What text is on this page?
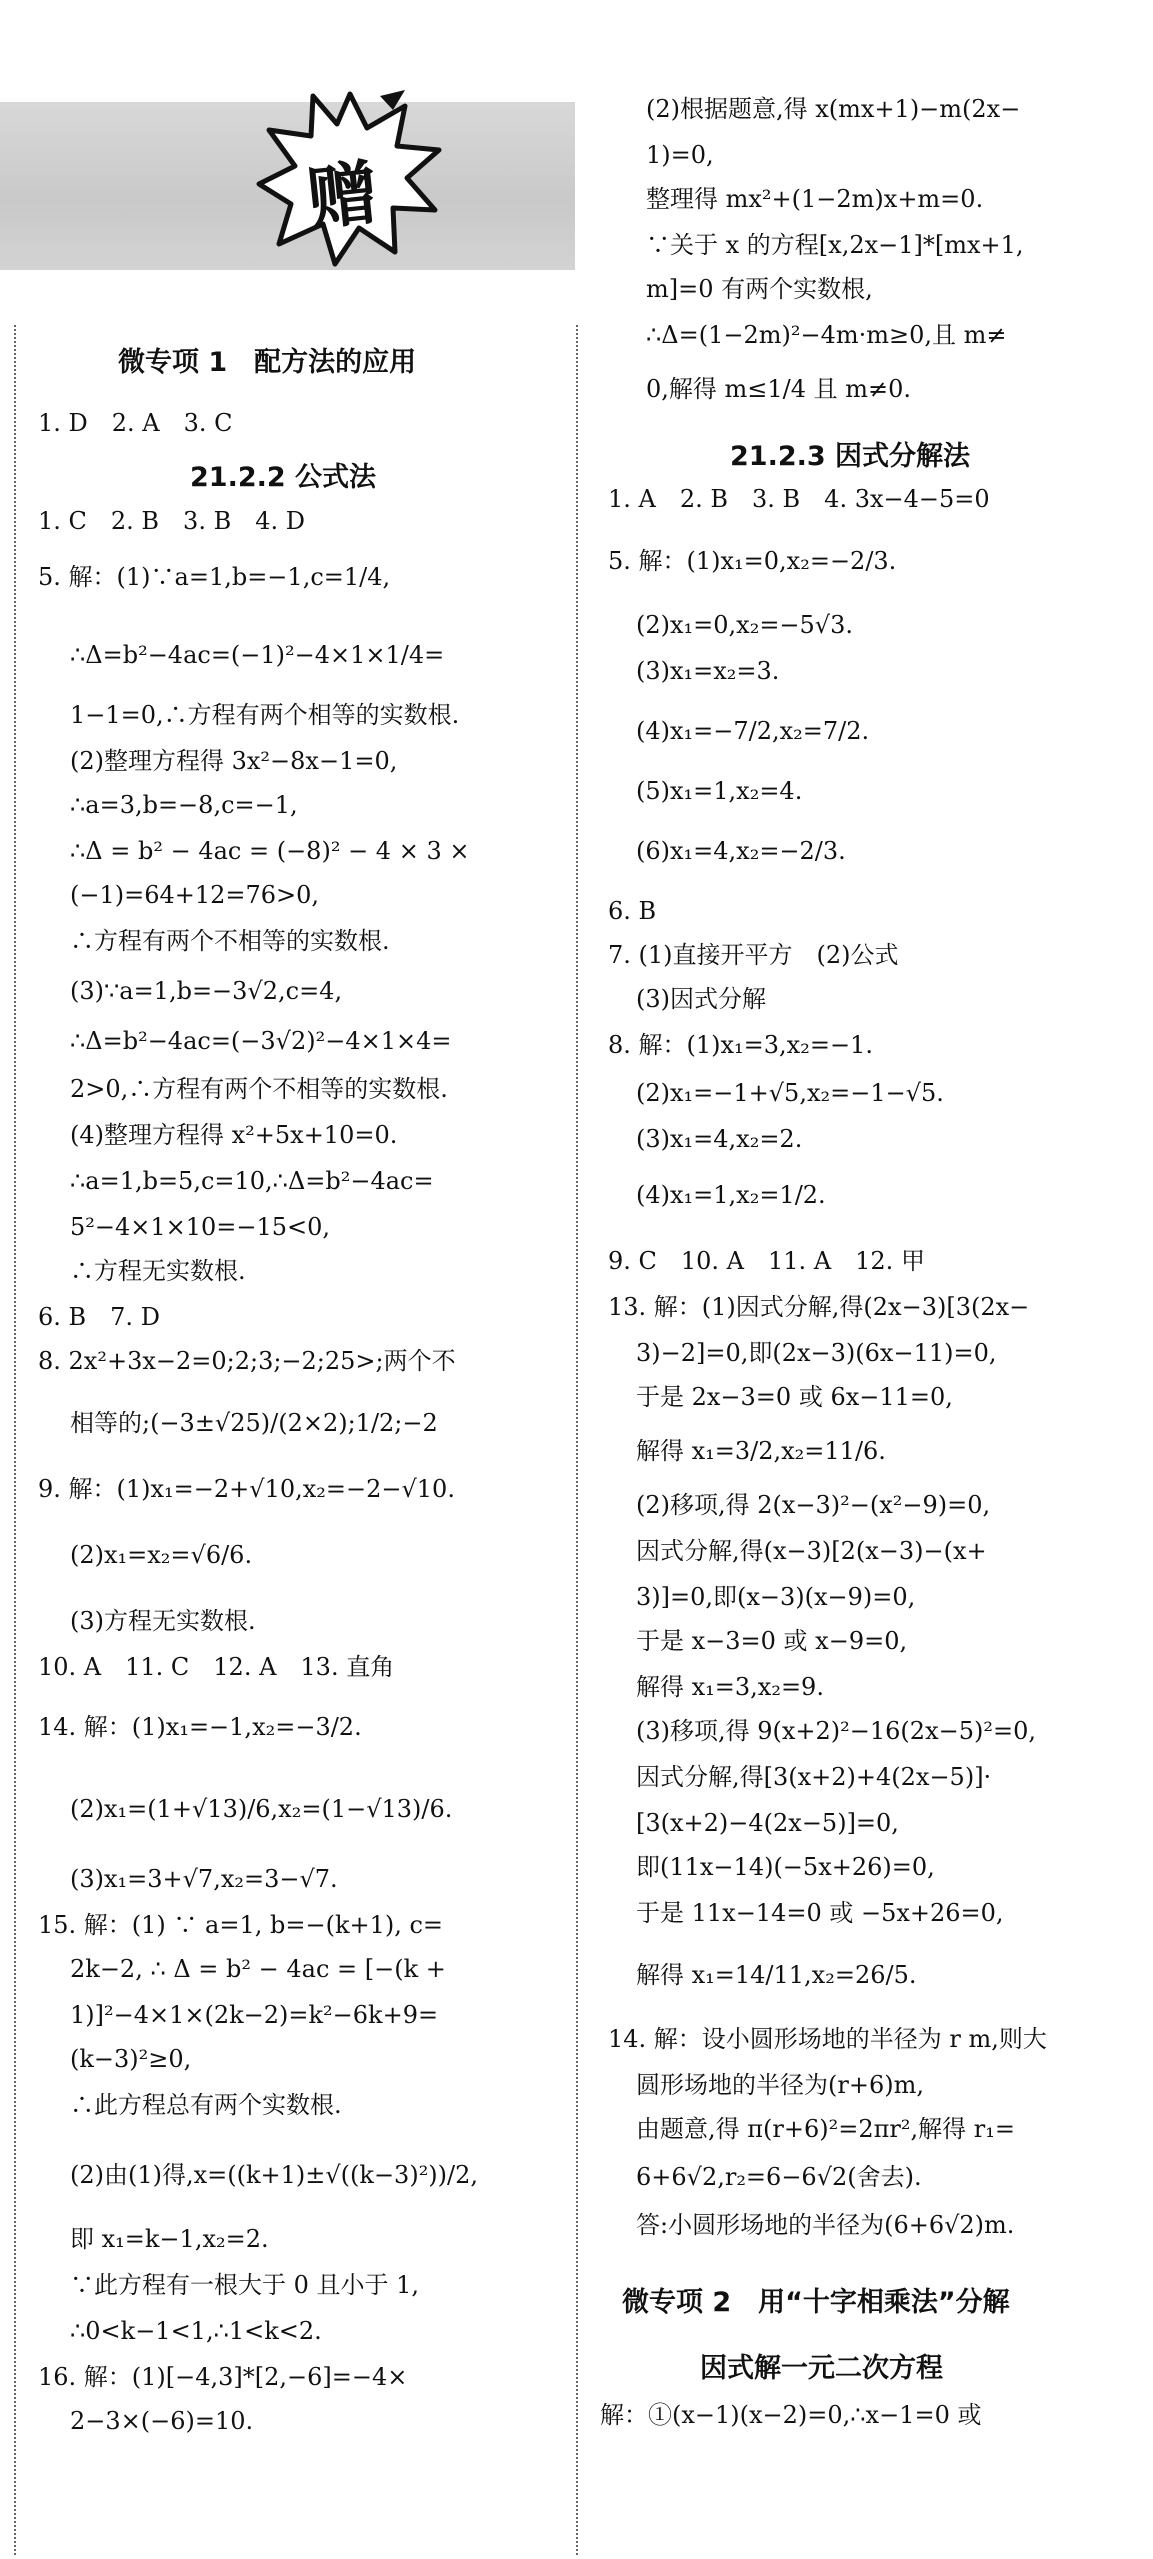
赠
微专项 1　配方法的应用
1. D　2. A　3. C
21.2.2 公式法
1. C　2. B　3. B　4. D
5. 解：(1)∵a=1,b=−1,c=1/4,
∴Δ=b²−4ac=(−1)²−4×1×1/4=
1−1=0,∴方程有两个相等的实数根.
(2)整理方程得 3x²−8x−1=0,
∴a=3,b=−8,c=−1,
∴Δ = b² − 4ac = (−8)² − 4 × 3 ×
(−1)=64+12=76>0,
∴方程有两个不相等的实数根.
(3)∵a=1,b=−3√2,c=4,
∴Δ=b²−4ac=(−3√2)²−4×1×4=
2>0,∴方程有两个不相等的实数根.
(4)整理方程得 x²+5x+10=0.
∴a=1,b=5,c=10,∴Δ=b²−4ac=
5²−4×1×10=−15<0,
∴方程无实数根.
6. B　7. D
8. 2x²+3x−2=0;2;3;−2;25>;两个不
相等的;(−3±√25)/(2×2);1/2;−2
9. 解：(1)x₁=−2+√10,x₂=−2−√10.
(2)x₁=x₂=√6/6.
(3)方程无实数根.
10. A　11. C　12. A　13. 直角
14. 解：(1)x₁=−1,x₂=−3/2.
(2)x₁=(1+√13)/6,x₂=(1−√13)/6.
(3)x₁=3+√7,x₂=3−√7.
15. 解：(1) ∵ a=1, b=−(k+1), c=
2k−2, ∴ Δ = b² − 4ac = [−(k +
1)]²−4×1×(2k−2)=k²−6k+9=
(k−3)²≥0,
∴此方程总有两个实数根.
(2)由(1)得,x=((k+1)±√((k−3)²))/2,
即 x₁=k−1,x₂=2.
∵此方程有一根大于 0 且小于 1,
∴0<k−1<1,∴1<k<2.
16. 解：(1)[−4,3]*[2,−6]=−4×
2−3×(−6)=10.
(2)根据题意,得 x(mx+1)−m(2x−
1)=0,
整理得 mx²+(1−2m)x+m=0.
∵关于 x 的方程[x,2x−1]*[mx+1,
m]=0 有两个实数根,
∴Δ=(1−2m)²−4m·m≥0,且 m≠
0,解得 m≤1/4 且 m≠0.
21.2.3 因式分解法
1. A　2. B　3. B　4. 3x−4−5=0
5. 解：(1)x₁=0,x₂=−2/3.
(2)x₁=0,x₂=−5√3.
(3)x₁=x₂=3.
(4)x₁=−7/2,x₂=7/2.
(5)x₁=1,x₂=4.
(6)x₁=4,x₂=−2/3.
6. B
7. (1)直接开平方　(2)公式
(3)因式分解
8. 解：(1)x₁=3,x₂=−1.
(2)x₁=−1+√5,x₂=−1−√5.
(3)x₁=4,x₂=2.
(4)x₁=1,x₂=1/2.
9. C　10. A　11. A　12. 甲
13. 解：(1)因式分解,得(2x−3)[3(2x−
3)−2]=0,即(2x−3)(6x−11)=0,
于是 2x−3=0 或 6x−11=0,
解得 x₁=3/2,x₂=11/6.
(2)移项,得 2(x−3)²−(x²−9)=0,
因式分解,得(x−3)[2(x−3)−(x+
3)]=0,即(x−3)(x−9)=0,
于是 x−3=0 或 x−9=0,
解得 x₁=3,x₂=9.
(3)移项,得 9(x+2)²−16(2x−5)²=0,
因式分解,得[3(x+2)+4(2x−5)]·
[3(x+2)−4(2x−5)]=0,
即(11x−14)(−5x+26)=0,
于是 11x−14=0 或 −5x+26=0,
解得 x₁=14/11,x₂=26/5.
14. 解：设小圆形场地的半径为 r m,则大
圆形场地的半径为(r+6)m,
由题意,得 π(r+6)²=2πr²,解得 r₁=
6+6√2,r₂=6−6√2(舍去).
答:小圆形场地的半径为(6+6√2)m.
微专项 2　用“十字相乘法”分解
因式解一元二次方程
解：①(x−1)(x−2)=0,∴x−1=0 或
